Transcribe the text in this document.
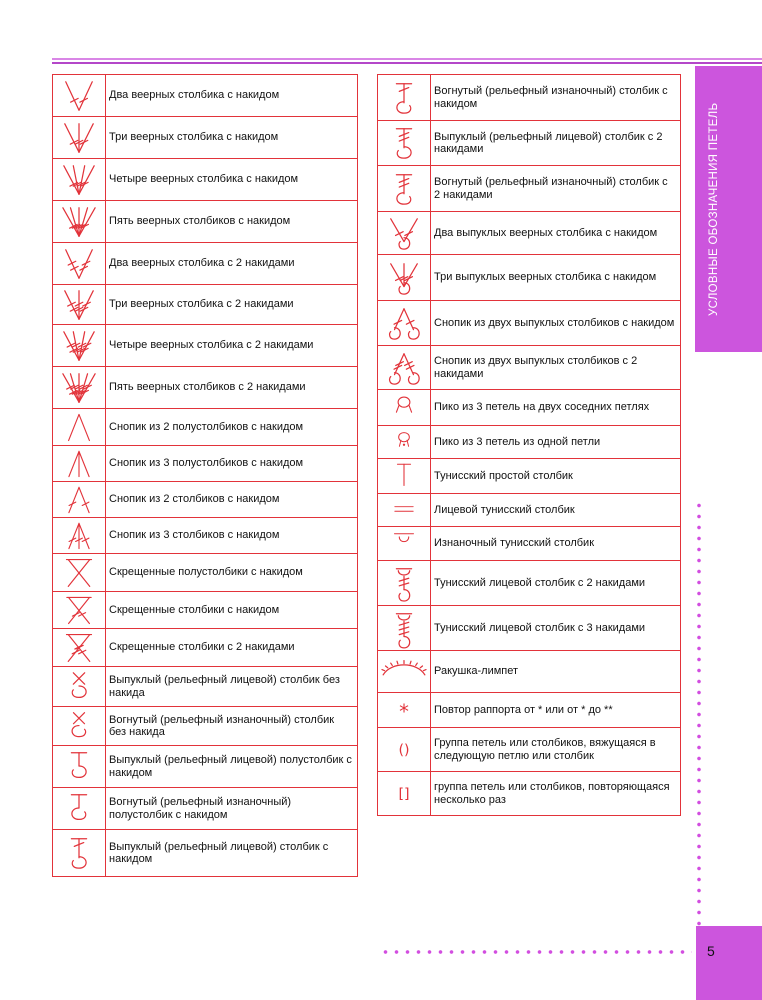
	Два веерных столбика с накидом

	Три веерных столбика с накидом

	Четыре веерных столбика с накидом

	Пять веерных столбиков с накидом

	Два веерных столбика с 2 накидами

	Три веерных столбика с 2 накидами

	Четыре веерных столбика с 2 накидами

	Пять веерных столбиков с 2 накидами

	Снопик из 2 полустолбиков с накидом

	Снопик из 3 полустолбиков с накидом

	Снопик из 2 столбиков с накидом

	Снопик из 3 столбиков с накидом

	Скрещенные полустолбики с накидом

	Скрещенные столбики с накидом

	Скрещенные столбики с 2 накидами

	Выпуклый (рельефный лицевой) столбик без накида

	Вогнутый (рельефный изнаночный) столбик без накида

	Выпуклый (рельефный лицевой) полустолбик с накидом

	Вогнутый (рельефный изнаночный) полустолбик с накидом

	Выпуклый (рельефный лицевой) столбик с накидом
	Вогнутый (рельефный изнаночный) столбик с накидом

	Выпуклый (рельефный лицевой) столбик с 2 накидами

	Вогнутый (рельефный изнаночный) столбик с 2 накидами

	Два выпуклых веерных столбика с накидом

	Три выпуклых веерных столбика с накидом

	Снопик из двух выпуклых столбиков с накидом

	Снопик из двух выпуклых столбиков с 2 накидами

	Пико из 3 петель на двух соседних петлях

	Пико из 3 петель из одной петли

	Тунисский простой столбик

	Лицевой тунисский столбик

	Изнаночный тунисский столбик

	Тунисский лицевой столбик с 2 накидами

	Тунисский лицевой столбик с 3 накидами

	Ракушка-лимпет

*	Повтор раппорта от * или от * до **

()	Группа петель или столбиков, вяжущаяся в следующую петлю или столбик

[]	группа петель или столбиков, повторяющаяся несколько раз
УСЛОВНЫЕ ОБОЗНАЧЕНИЯ ПЕТЕЛЬ
5
